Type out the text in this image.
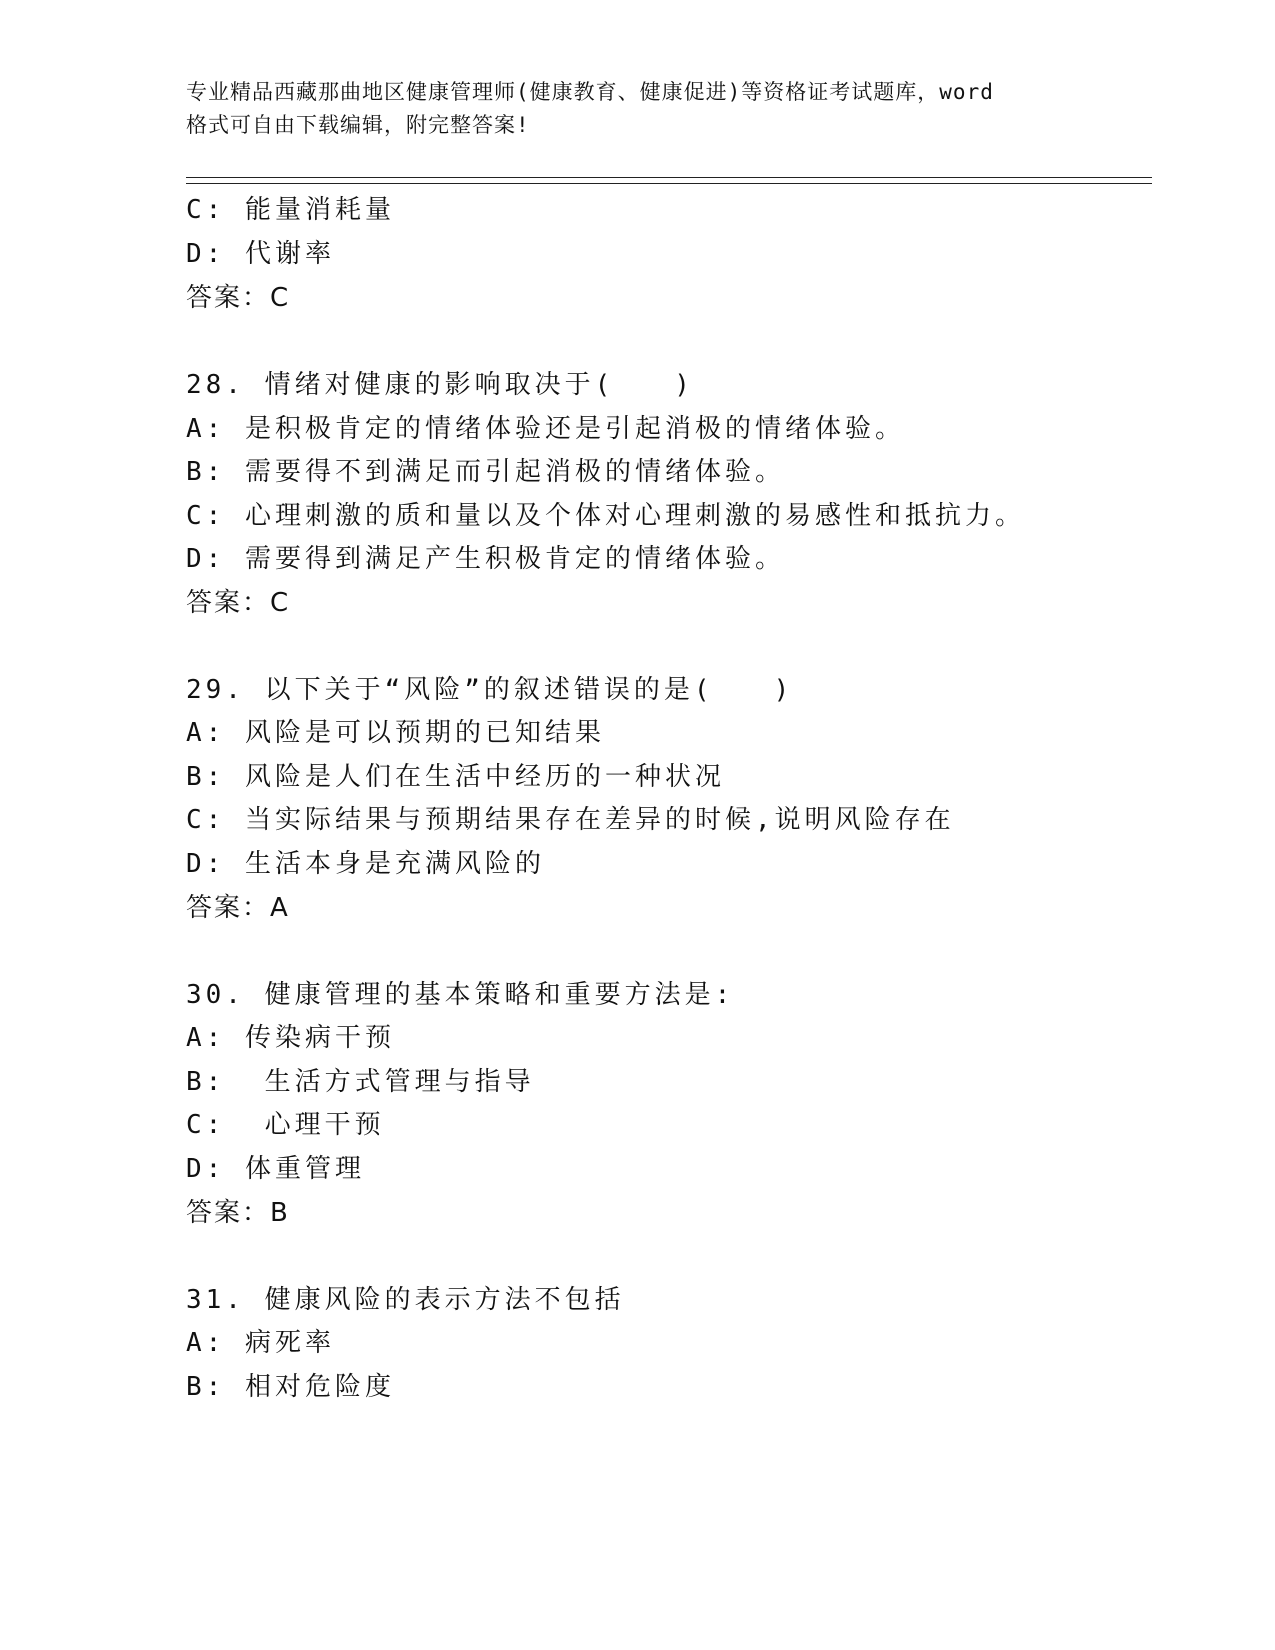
专业精品西藏那曲地区健康管理师(健康教育、健康促进)等资格证考试题库，word
格式可自由下载编辑，附完整答案!
C: 能量消耗量
D: 代谢率
答案：C
28. 情绪对健康的影响取决于(　　)
A: 是积极肯定的情绪体验还是引起消极的情绪体验。
B: 需要得不到满足而引起消极的情绪体验。
C: 心理刺激的质和量以及个体对心理刺激的易感性和抵抗力。
D: 需要得到满足产生积极肯定的情绪体验。
答案：C
29. 以下关于“风险”的叙述错误的是(　　)
A: 风险是可以预期的已知结果
B: 风险是人们在生活中经历的一种状况
C: 当实际结果与预期结果存在差异的时候,说明风险存在
D: 生活本身是充满风险的
答案：A
30. 健康管理的基本策略和重要方法是:
A: 传染病干预
B:  生活方式管理与指导
C:  心理干预
D: 体重管理
答案：B
31. 健康风险的表示方法不包括
A: 病死率
B: 相对危险度
